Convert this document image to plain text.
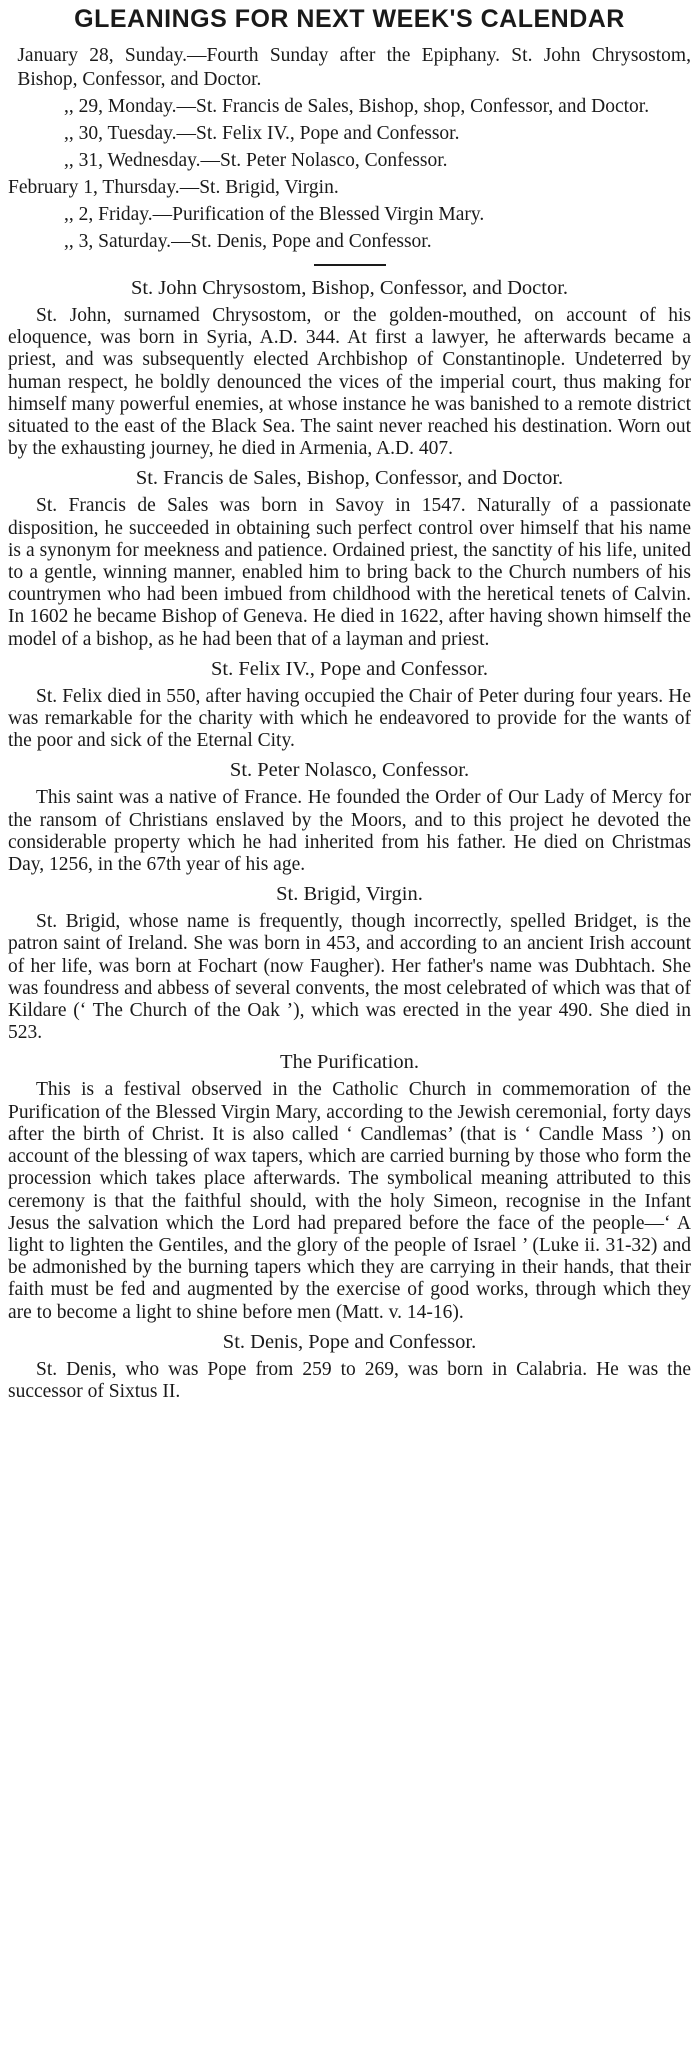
GLEANINGS FOR NEXT WEEK'S CALENDAR
January 28, Sunday.—Fourth Sunday after the Epiphany. St. John Chrysostom, Bishop, Confessor, and Doctor.
,, 29, Monday.—St. Francis de Sales, Bishop, shop, Confessor, and Doctor.
,, 30, Tuesday.—St. Felix IV., Pope and Confessor.
,, 31, Wednesday.—St. Peter Nolasco, Confessor.
February 1, Thursday.—St. Brigid, Virgin.
,, 2, Friday.—Purification of the Blessed Virgin Mary.
,, 3, Saturday.—St. Denis, Pope and Confessor.
St. John Chrysostom, Bishop, Confessor, and Doctor.

St. John, surnamed Chrysostom, or the golden-mouthed, on account of his eloquence, was born in Syria, A.D. 344. At first a lawyer, he afterwards became a priest, and was subsequently elected Archbishop of Constantinople. Undeterred by human respect, he boldly denounced the vices of the imperial court, thus making for himself many powerful enemies, at whose instance he was banished to a remote district situated to the east of the Black Sea. The saint never reached his destination. Worn out by the exhausting journey, he died in Armenia, A.D. 407.

St. Francis de Sales, Bishop, Confessor, and Doctor.

St. Francis de Sales was born in Savoy in 1547. Naturally of a passionate disposition, he succeeded in obtaining such perfect control over himself that his name is a synonym for meekness and patience. Ordained priest, the sanctity of his life, united to a gentle, winning manner, enabled him to bring back to the Church numbers of his countrymen who had been imbued from childhood with the heretical tenets of Calvin. In 1602 he became Bishop of Geneva. He died in 1622, after having shown himself the model of a bishop, as he had been that of a layman and priest.

St. Felix IV., Pope and Confessor.

St. Felix died in 550, after having occupied the Chair of Peter during four years. He was remarkable for the charity with which he endeavored to provide for the wants of the poor and sick of the Eternal City.

St. Peter Nolasco, Confessor.

This saint was a native of France. He founded the Order of Our Lady of Mercy for the ransom of Christians enslaved by the Moors, and to this project he devoted the considerable property which he had inherited from his father. He died on Christmas Day, 1256, in the 67th year of his age.

St. Brigid, Virgin.

St. Brigid, whose name is frequently, though incorrectly, spelled Bridget, is the patron saint of Ireland. She was born in 453, and according to an ancient Irish account of her life, was born at Fochart (now Faugher). Her father's name was Dubhtach. She was foundress and abbess of several convents, the most celebrated of which was that of Kildare (‘ The Church of the Oak ’), which was erected in the year 490. She died in 523.

The Purification.

This is a festival observed in the Catholic Church in commemoration of the Purification of the Blessed Virgin Mary, according to the Jewish ceremonial, forty days after the birth of Christ. It is also called ‘ Candlemas’ (that is ‘ Candle Mass ’) on account of the blessing of wax tapers, which are carried burning by those who form the procession which takes place afterwards. The symbolical meaning attributed to this ceremony is that the faithful should, with the holy Simeon, recognise in the Infant Jesus the salvation which the Lord had prepared before the face of the people—‘ A light to lighten the Gentiles, and the glory of the people of Israel ’ (Luke ii. 31-32) and be admonished by the burning tapers which they are carrying in their hands, that their faith must be fed and augmented by the exercise of good works, through which they are to become a light to shine before men (Matt. v. 14-16).

St. Denis, Pope and Confessor.

St. Denis, who was Pope from 259 to 269, was born in Calabria. He was the successor of Sixtus II.
